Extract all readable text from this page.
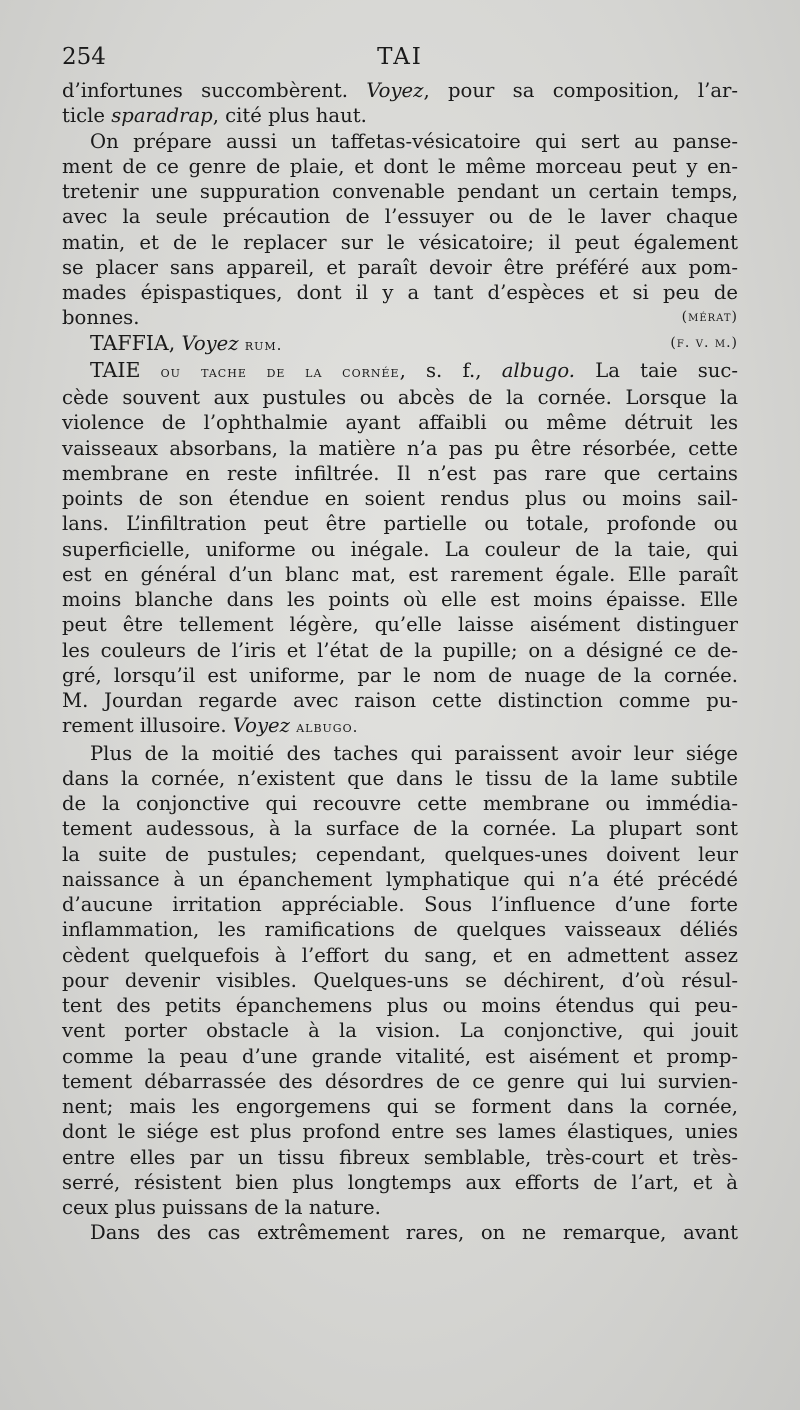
254	TAI
d’infortunes succombèrent. Voyez, pour sa composition, l’ar-
ticle sparadrap, cité plus haut.
On prépare aussi un taffetas-vésicatoire qui sert au panse-
ment de ce genre de plaie, et dont le même morceau peut y en-
tretenir une suppuration convenable pendant un certain temps,
avec la seule précaution de l’essuyer ou de le laver chaque
matin, et de le replacer sur le vésicatoire; il peut également
se placer sans appareil, et paraît devoir être préféré aux pom-
mades épispastiques, dont il y a tant d’espèces et si peu de
bonnes.	(mérat)
TAFFIA, Voyez rum.	(f. v. m.)
TAIE ou tache de la cornée, s. f., albugo. La taie suc-
cède souvent aux pustules ou abcès de la cornée. Lorsque la
violence de l’ophthalmie ayant affaibli ou même détruit les
vaisseaux absorbans, la matière n’a pas pu être résorbée, cette
membrane en reste infiltrée. Il n’est pas rare que certains
points de son étendue en soient rendus plus ou moins sail-
lans. L’infiltration peut être partielle ou totale, profonde ou
superficielle, uniforme ou inégale. La couleur de la taie, qui
est en général d’un blanc mat, est rarement égale. Elle paraît
moins blanche dans les points où elle est moins épaisse. Elle
peut être tellement légère, qu’elle laisse aisément distinguer
les couleurs de l’iris et l’état de la pupille; on a désigné ce de-
gré, lorsqu’il est uniforme, par le nom de nuage de la cornée.
M. Jourdan regarde avec raison cette distinction comme pu-
rement illusoire. Voyez albugo.
Plus de la moitié des taches qui paraissent avoir leur siége
dans la cornée, n’existent que dans le tissu de la lame subtile
de la conjonctive qui recouvre cette membrane ou immédia-
tement audessous, à la surface de la cornée. La plupart sont
la suite de pustules; cependant, quelques-unes doivent leur
naissance à un épanchement lymphatique qui n’a été précédé
d’aucune irritation appréciable. Sous l’influence d’une forte
inflammation, les ramifications de quelques vaisseaux déliés
cèdent quelquefois à l’effort du sang, et en admettent assez
pour devenir visibles. Quelques-uns se déchirent, d’où résul-
tent des petits épanchemens plus ou moins étendus qui peu-
vent porter obstacle à la vision. La conjonctive, qui jouit
comme la peau d’une grande vitalité, est aisément et promp-
tement débarrassée des désordres de ce genre qui lui survien-
nent; mais les engorgemens qui se forment dans la cornée,
dont le siége est plus profond entre ses lames élastiques, unies
entre elles par un tissu fibreux semblable, très-court et très-
serré, résistent bien plus longtemps aux efforts de l’art, et à
ceux plus puissans de la nature.
Dans des cas extrêmement rares, on ne remarque, avant
